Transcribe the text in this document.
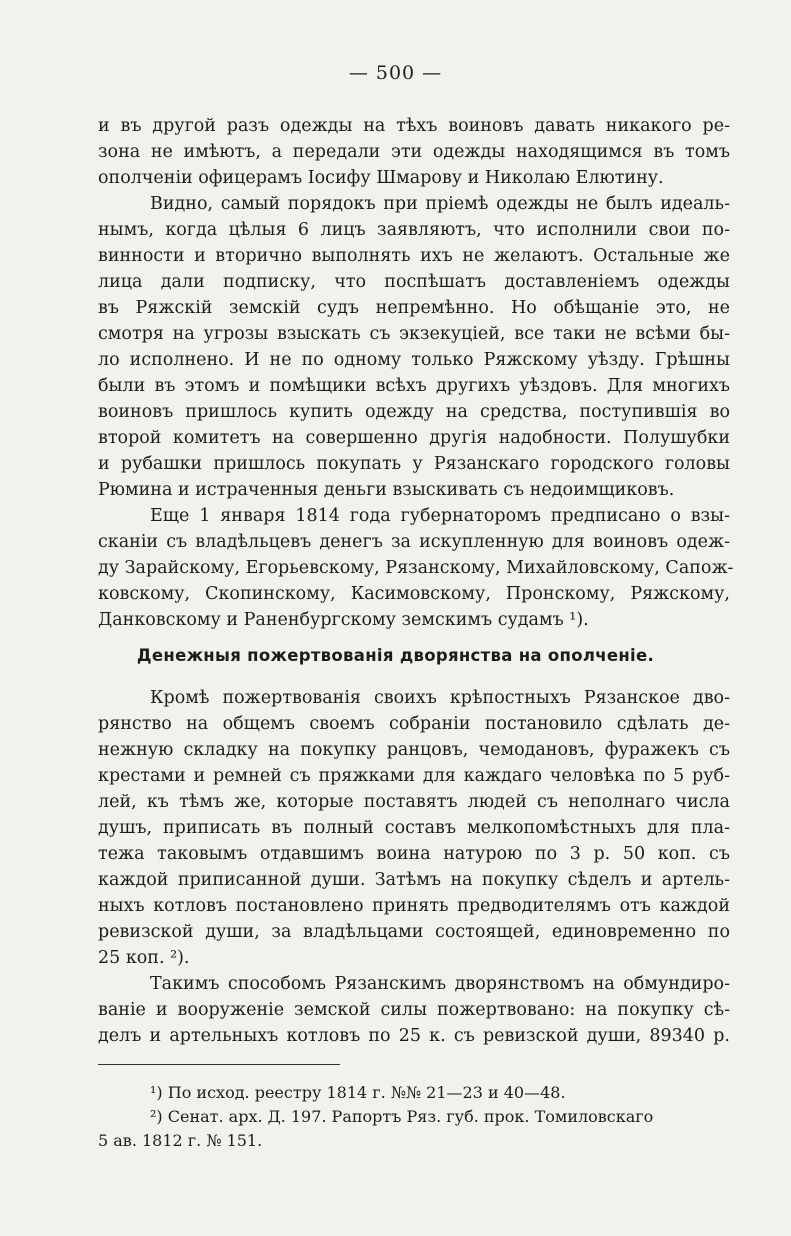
— 500 —
и въ другой разъ одежды на тѣхъ воиновъ давать никакого ре-
зона не имѣютъ, а передали эти одежды находящимся въ томъ
ополченіи офицерамъ Іосифу Шмарову и Николаю Елютину.
Видно, самый порядокъ при пріемѣ одежды не былъ идеаль-
нымъ, когда цѣлыя 6 лицъ заявляютъ, что исполнили свои по-
винности и вторично выполнять ихъ не желаютъ. Остальные же
лица дали подписку, что поспѣшатъ доставленіемъ одежды
въ Ряжскій земскій судъ непремѣнно. Но обѣщаніе это, не
смотря на угрозы взыскать съ экзекуціей, все таки не всѣми бы-
ло исполнено. И не по одному только Ряжскому уѣзду. Грѣшны
были въ этомъ и помѣщики всѣхъ другихъ уѣздовъ. Для многихъ
воиновъ пришлось купить одежду на средства, поступившія во
второй комитетъ на совершенно другія надобности. Полушубки
и рубашки пришлось покупать у Рязанскаго городского головы
Рюмина и истраченныя деньги взыскивать съ недоимщиковъ.
Еще 1 января 1814 года губернаторомъ предписано о взы-
сканіи съ владѣльцевъ денегъ за искупленную для воиновъ одеж-
ду Зарайскому, Егорьевскому, Рязанскому, Михайловскому, Сапож-
ковскому, Скопинскому, Касимовскому, Пронскому, Ряжскому,
Данковскому и Раненбургскому земскимъ судамъ ¹).
Денежныя пожертвованія дворянства на ополченіе.
Кромѣ пожертвованія своихъ крѣпостныхъ Рязанское дво-
рянство на общемъ своемъ собраніи постановило сдѣлать де-
нежную складку на покупку ранцовъ, чемодановъ, фуражекъ съ
крестами и ремней съ пряжками для каждаго человѣка по 5 руб-
лей, къ тѣмъ же, которые поставятъ людей съ неполнаго числа
душъ, приписать въ полный составъ мелкопомѣстныхъ для пла-
тежа таковымъ отдавшимъ воина натурою по 3 р. 50 коп. съ
каждой приписанной души. Затѣмъ на покупку сѣделъ и артель-
ныхъ котловъ постановлено принять предводителямъ отъ каждой
ревизской души, за владѣльцами состоящей, единовременно по
25 коп. ²).
Такимъ способомъ Рязанскимъ дворянствомъ на обмундиро-
ваніе и вооруженіе земской силы пожертвовано: на покупку сѣ-
делъ и артельныхъ котловъ по 25 к. съ ревизской души, 89340 р.
¹) По исход. реестру 1814 г. №№ 21—23 и 40—48.
²) Сенат. арх. Д. 197. Рапортъ Ряз. губ. прок. Томиловскаго
5 ав. 1812 г. № 151.
